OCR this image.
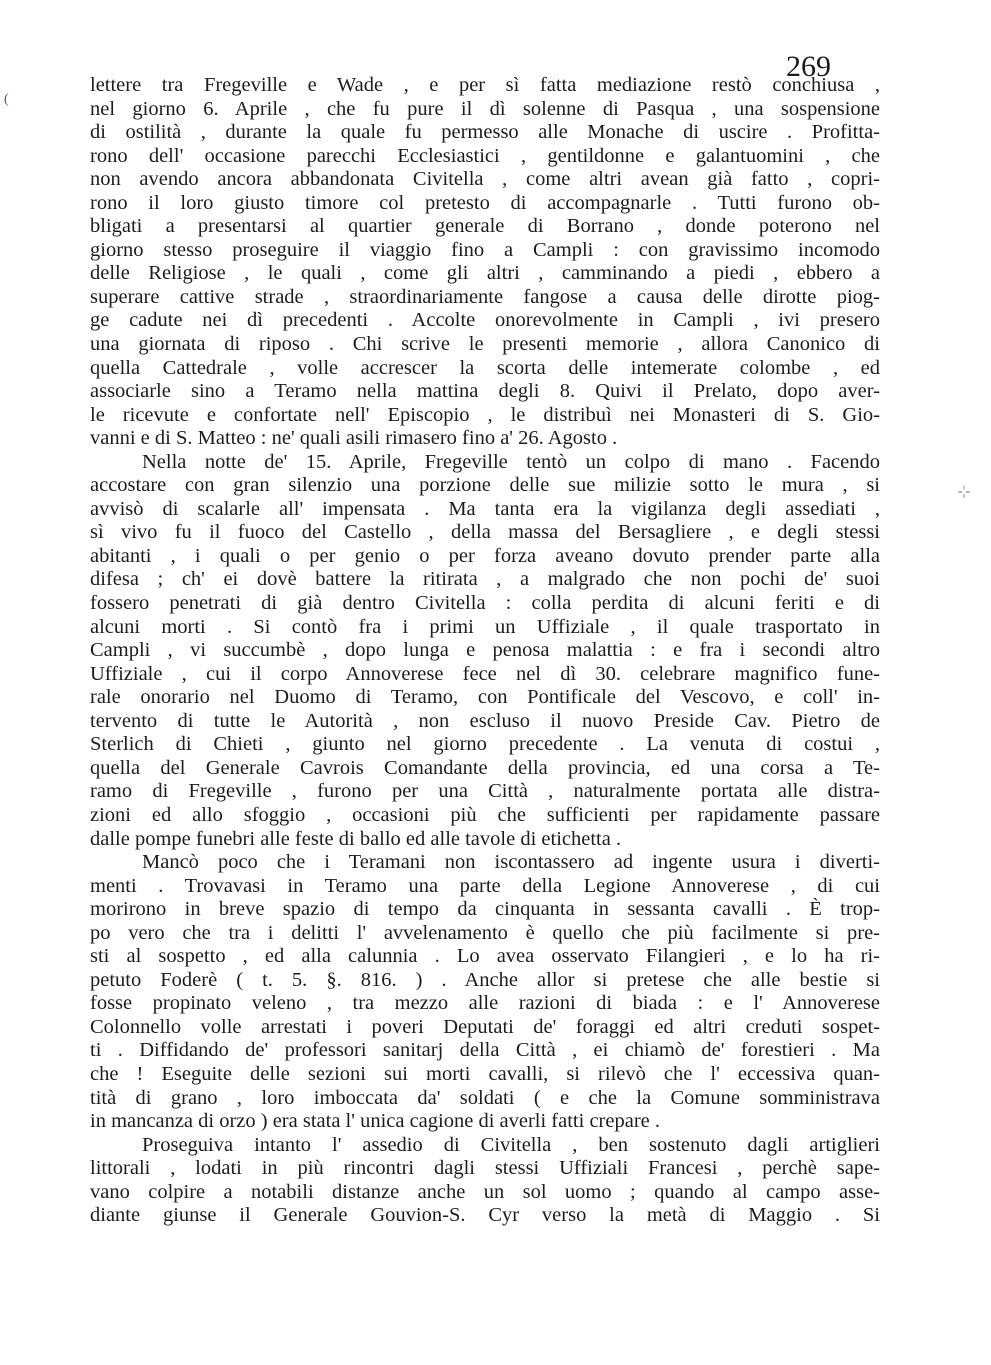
(
-¦-
269
lettere tra Fregeville e Wade , e per sì fatta mediazione restò conchiusa ,
nel giorno 6. Aprile , che fu pure il dì solenne di Pasqua , una sospensione
di ostilità , durante la quale fu permesso alle Monache di uscire . Profitta-
rono dell' occasione parecchi Ecclesiastici , gentildonne e galantuomini , che
non avendo ancora abbandonata Civitella , come altri avean già fatto , copri-
rono il loro giusto timore col pretesto di accompagnarle . Tutti furono ob-
bligati a presentarsi al quartier generale di Borrano , donde poterono nel
giorno stesso proseguire il viaggio fino a Campli : con gravissimo incomodo
delle Religiose , le quali , come gli altri , camminando a piedi , ebbero a
superare cattive strade , straordinariamente fangose a causa delle dirotte piog-
ge cadute nei dì precedenti . Accolte onorevolmente in Campli , ivi presero
una giornata di riposo . Chi scrive le presenti memorie , allora Canonico di
quella Cattedrale , volle accrescer la scorta delle intemerate colombe , ed
associarle sino a Teramo nella mattina degli 8. Quivi il Prelato, dopo aver-
le ricevute e confortate nell' Episcopio , le distribuì nei Monasteri di S. Gio-
vanni e di S. Matteo : ne' quali asili rimasero fino a' 26. Agosto .
Nella notte de' 15. Aprile, Fregeville tentò un colpo di mano . Facendo
accostare con gran silenzio una porzione delle sue milizie sotto le mura , si
avvisò di scalarle all' impensata . Ma tanta era la vigilanza degli assediati ,
sì vivo fu il fuoco del Castello , della massa del Bersagliere , e degli stessi
abitanti , i quali o per genio o per forza aveano dovuto prender parte alla
difesa ; ch' ei dovè battere la ritirata , a malgrado che non pochi de' suoi
fossero penetrati di già dentro Civitella : colla perdita di alcuni feriti e di
alcuni morti . Si contò fra i primi un Uffiziale , il quale trasportato in
Campli , vi succumbè , dopo lunga e penosa malattia : e fra i secondi altro
Uffiziale , cui il corpo Annoverese fece nel dì 30. celebrare magnifico fune-
rale onorario nel Duomo di Teramo, con Pontificale del Vescovo, e coll' in-
tervento di tutte le Autorità , non escluso il nuovo Preside Cav. Pietro de
Sterlich di Chieti , giunto nel giorno precedente . La venuta di costui ,
quella del Generale Cavrois Comandante della provincia, ed una corsa a Te-
ramo di Fregeville , furono per una Città , naturalmente portata alle distra-
zioni ed allo sfoggio , occasioni più che sufficienti per rapidamente passare
dalle pompe funebri alle feste di ballo ed alle tavole di etichetta .
Mancò poco che i Teramani non iscontassero ad ingente usura i diverti-
menti . Trovavasi in Teramo una parte della Legione Annoverese , di cui
morirono in breve spazio di tempo da cinquanta in sessanta cavalli . È trop-
po vero che tra i delitti l' avvelenamento è quello che più facilmente si pre-
sti al sospetto , ed alla calunnia . Lo avea osservato Filangieri , e lo ha ri-
petuto Foderè ( t. 5. §. 816. ) . Anche allor si pretese che alle bestie si
fosse propinato veleno , tra mezzo alle razioni di biada : e l' Annoverese
Colonnello volle arrestati i poveri Deputati de' foraggi ed altri creduti sospet-
ti . Diffidando de' professori sanitarj della Città , ei chiamò de' forestieri . Ma
che ! Eseguite delle sezioni sui morti cavalli, si rilevò che l' eccessiva quan-
tità di grano , loro imboccata da' soldati ( e che la Comune somministrava
in mancanza di orzo ) era stata l' unica cagione di averli fatti crepare .
Proseguiva intanto l' assedio di Civitella , ben sostenuto dagli artiglieri
littorali , lodati in più rincontri dagli stessi Uffiziali Francesi , perchè sape-
vano colpire a notabili distanze anche un sol uomo ; quando al campo asse-
diante giunse il Generale Gouvion-S. Cyr verso la metà di Maggio . Si
